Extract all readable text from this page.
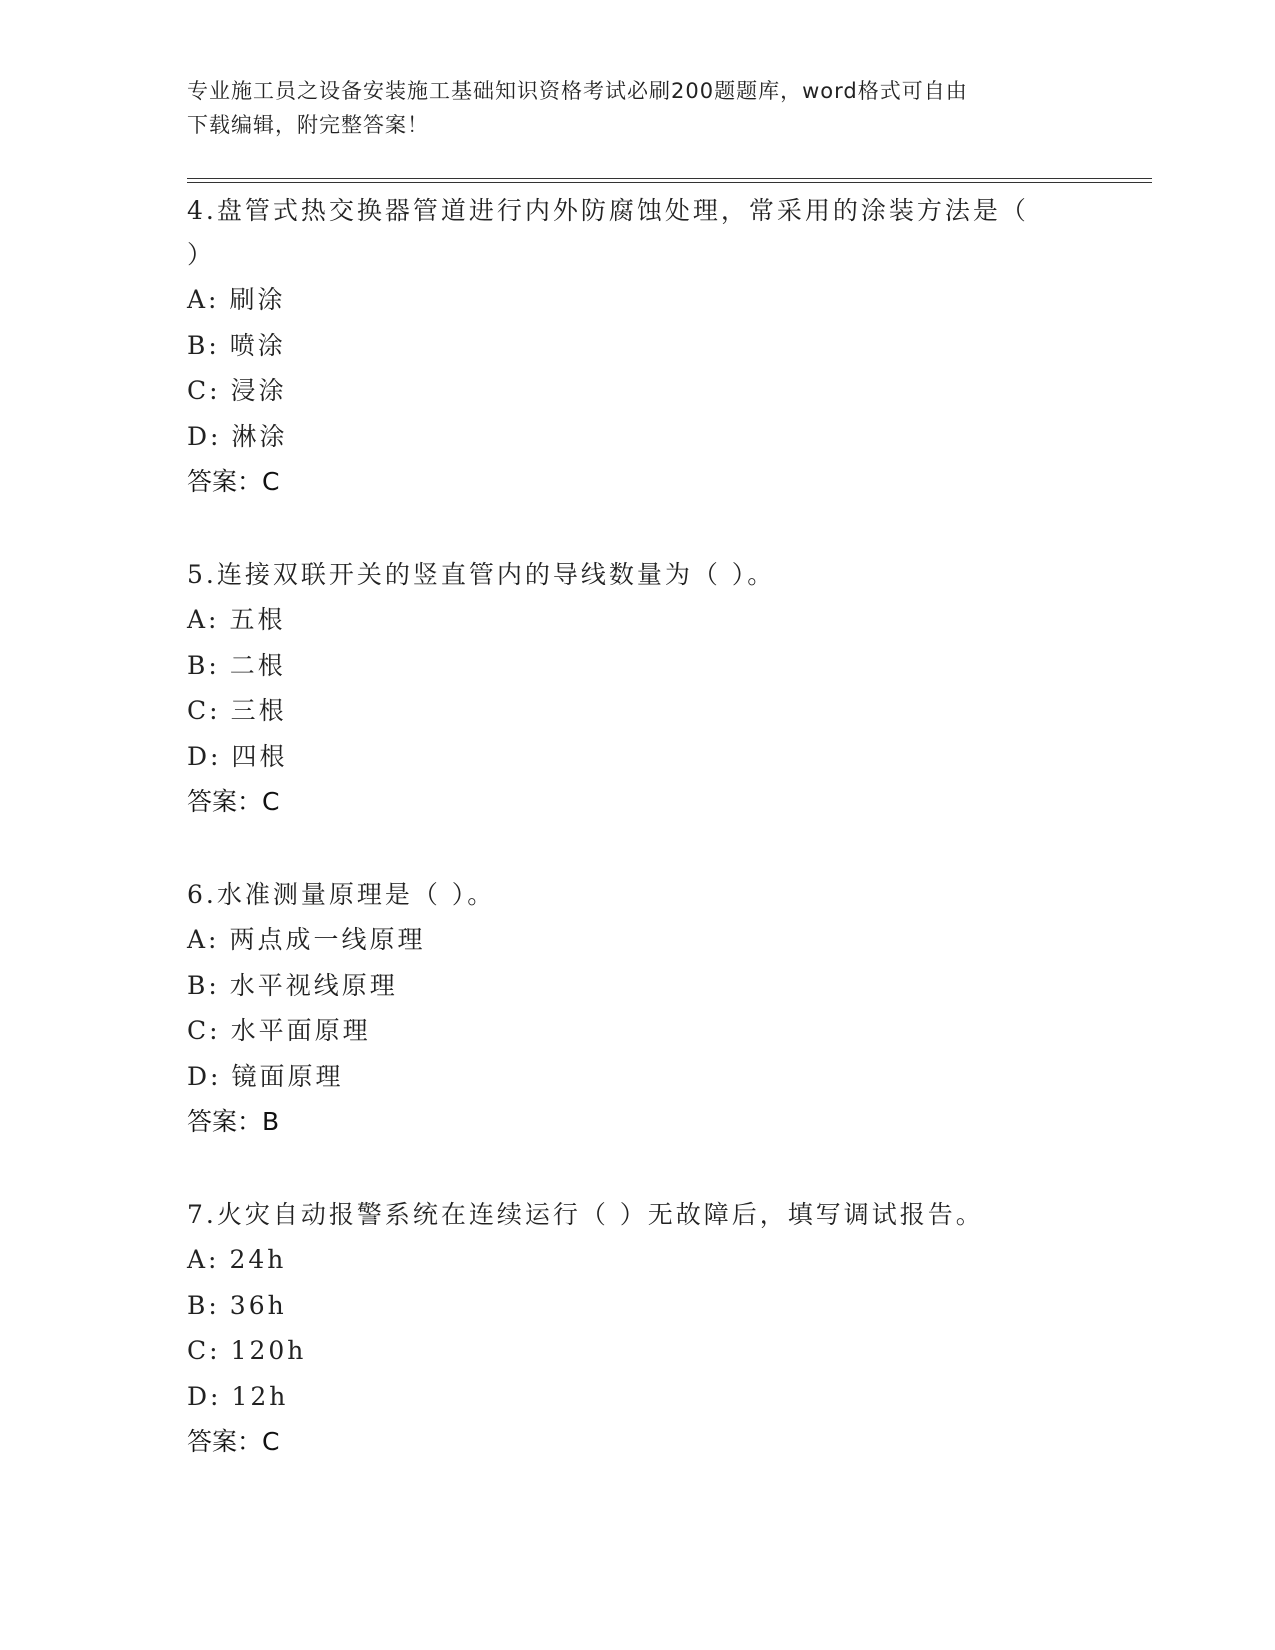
专业施工员之设备安装施工基础知识资格考试必刷200题题库，word格式可自由
下载编辑，附完整答案！
4.盘管式热交换器管道进行内外防腐蚀处理，常采用的涂装方法是（
）
A: 刷涂
B: 喷涂
C: 浸涂
D: 淋涂
答案：C
5.连接双联开关的竖直管内的导线数量为（ ）。
A: 五根
B: 二根
C: 三根
D: 四根
答案：C
6.水准测量原理是（ ）。
A: 两点成一线原理
B: 水平视线原理
C: 水平面原理
D: 镜面原理
答案：B
7.火灾自动报警系统在连续运行（ ）无故障后，填写调试报告。
A: 24h
B: 36h
C: 120h
D: 12h
答案：C
